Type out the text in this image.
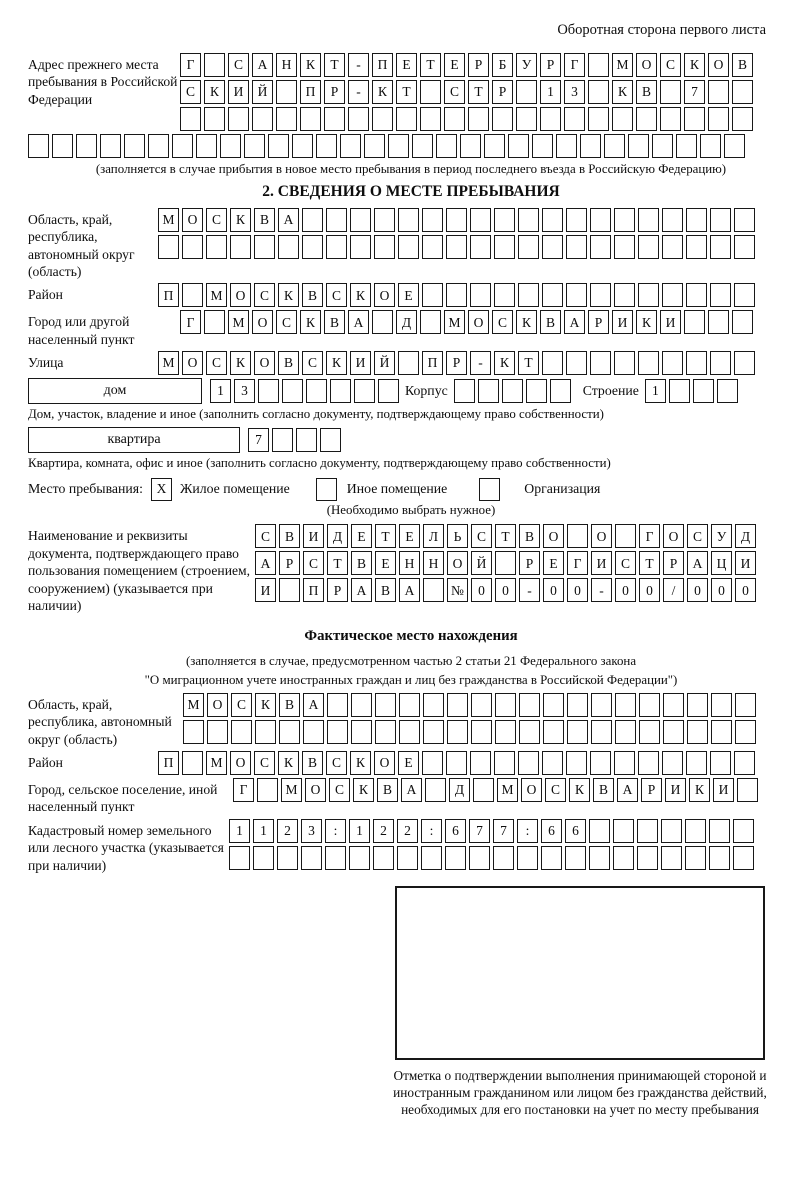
Оборотная сторона первого листа
Адрес прежнего места пребывания в Российской Федерации
Г	С	А	Н	К	Т	-	П	Е	Т	Е	Р	Б	У	Р	Г	М О	С	К	О	В
С	К	И	Й	П	Р	-	К	Т	С	Т	Р	1	3	К	В	7
(заполняется в случае прибытия в новое место пребывания в период последнего въезда в Российскую Федерацию)
2. СВЕДЕНИЯ О МЕСТЕ ПРЕБЫВАНИЯ
Область, край, республика, автономный округ (область)
М О	С	К	В	А
Район	П	М О	С	К	В	С	К	О	Е
Город или другой населенный пункт
Г	М О	С	К	В	А	Д	М О	С	К	В	А	Р	И	К	И
Улица	М О	С	К	О	В	С	К	И	Й	П	Р	-	К	Т
дом	1	3	Корпус	Строение 1
Дом, участок, владение и иное (заполнить согласно документу, подтверждающему право собственности)
квартира	7
Квартира, комната, офис и иное (заполнить согласно документу, подтверждающему право собственности)
Место пребывания:	X Жилое помещение	Иное помещение	Организация
(Необходимо выбрать нужное)
Наименование и реквизиты документа, подтверждающего право пользования помещением (строением, сооружением) (указывается при наличии)
С	В	И	Д	Е	Т	Е	Л	Ь	С	Т	В	О	О	Г	О	С	У	Д
А	Р	С	Т	В	Е	Н	Н	О	Й	Р	Е	Г	И	С	Т	Р	А	Ц	И
И	П	Р	А	В	А	№	0	0	-	0	0	-	0	0	/	0	0	0
Фактическое место нахождения
(заполняется в случае, предусмотренном частью 2 статьи 21 Федерального закона
"О миграционном учете иностранных граждан и лиц без гражданства в Российской Федерации")
Область, край, республика, автономный округ (область)
М О	С	К	В	А
Район	П	М О	С	К	В	С	К	О	Е
Город, сельское поселение, иной населенный пункт
Г	М О	С	К	В	А	Д	М О	С	К	В	А	Р	И	К	И
Кадастровый номер земельного или лесного участка (указывается при наличии)
1	1	2	3	:	1	2	2	:	6	7	7	:	6	6
Отметка о подтверждении выполнения принимающей стороной и иностранным гражданином или лицом без гражданства действий, необходимых для его постановки на учет по месту пребывания
